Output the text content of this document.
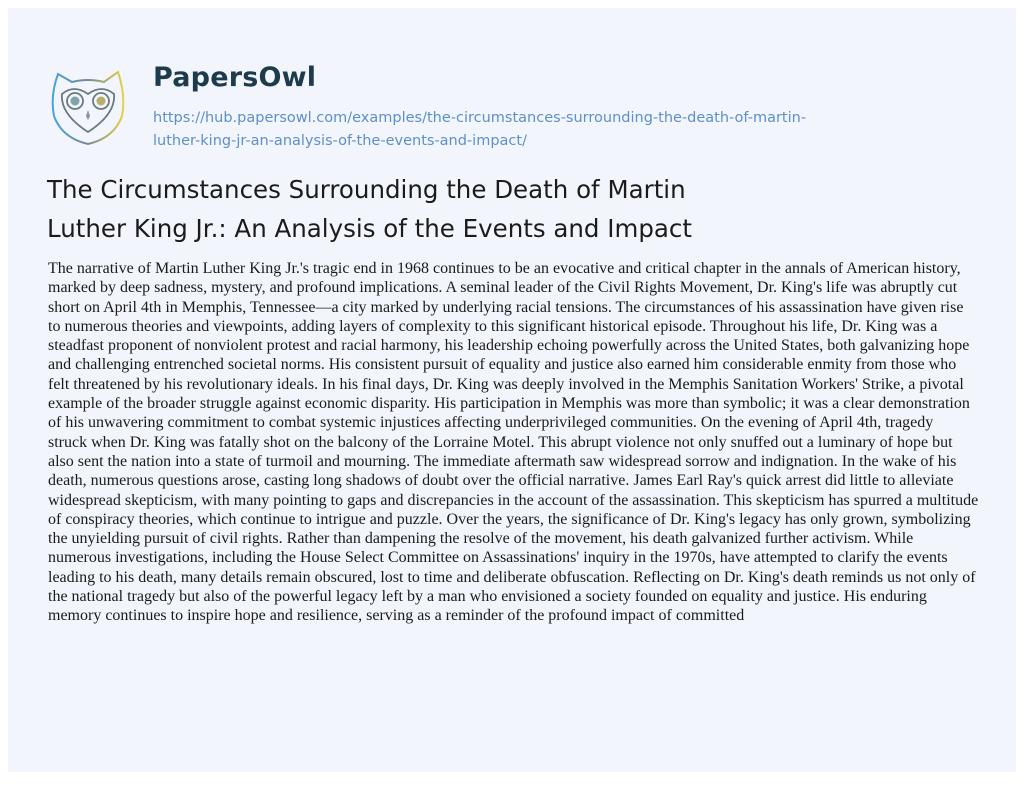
PapersOwl
https://hub.papersowl.com/examples/the-circumstances-surrounding-the-death-of-martin-
luther-king-jr-an-analysis-of-the-events-and-impact/
The Circumstances Surrounding the Death of Martin
Luther King Jr.: An Analysis of the Events and Impact
The narrative of Martin Luther King Jr.'s tragic end in 1968 continues to be an evocative and critical chapter in the annals of American history,
marked by deep sadness, mystery, and profound implications. A seminal leader of the Civil Rights Movement, Dr. King's life was abruptly cut
short on April 4th in Memphis, Tennessee—a city marked by underlying racial tensions. The circumstances of his assassination have given rise
to numerous theories and viewpoints, adding layers of complexity to this significant historical episode. Throughout his life, Dr. King was a
steadfast proponent of nonviolent protest and racial harmony, his leadership echoing powerfully across the United States, both galvanizing hope
and challenging entrenched societal norms. His consistent pursuit of equality and justice also earned him considerable enmity from those who
felt threatened by his revolutionary ideals. In his final days, Dr. King was deeply involved in the Memphis Sanitation Workers' Strike, a pivotal
example of the broader struggle against economic disparity. His participation in Memphis was more than symbolic; it was a clear demonstration
of his unwavering commitment to combat systemic injustices affecting underprivileged communities. On the evening of April 4th, tragedy
struck when Dr. King was fatally shot on the balcony of the Lorraine Motel. This abrupt violence not only snuffed out a luminary of hope but
also sent the nation into a state of turmoil and mourning. The immediate aftermath saw widespread sorrow and indignation. In the wake of his
death, numerous questions arose, casting long shadows of doubt over the official narrative. James Earl Ray's quick arrest did little to alleviate
widespread skepticism, with many pointing to gaps and discrepancies in the account of the assassination. This skepticism has spurred a multitude
of conspiracy theories, which continue to intrigue and puzzle. Over the years, the significance of Dr. King's legacy has only grown, symbolizing
the unyielding pursuit of civil rights. Rather than dampening the resolve of the movement, his death galvanized further activism. While
numerous investigations, including the House Select Committee on Assassinations' inquiry in the 1970s, have attempted to clarify the events
leading to his death, many details remain obscured, lost to time and deliberate obfuscation. Reflecting on Dr. King's death reminds us not only of
the national tragedy but also of the powerful legacy left by a man who envisioned a society founded on equality and justice. His enduring
memory continues to inspire hope and resilience, serving as a reminder of the profound impact of committed
